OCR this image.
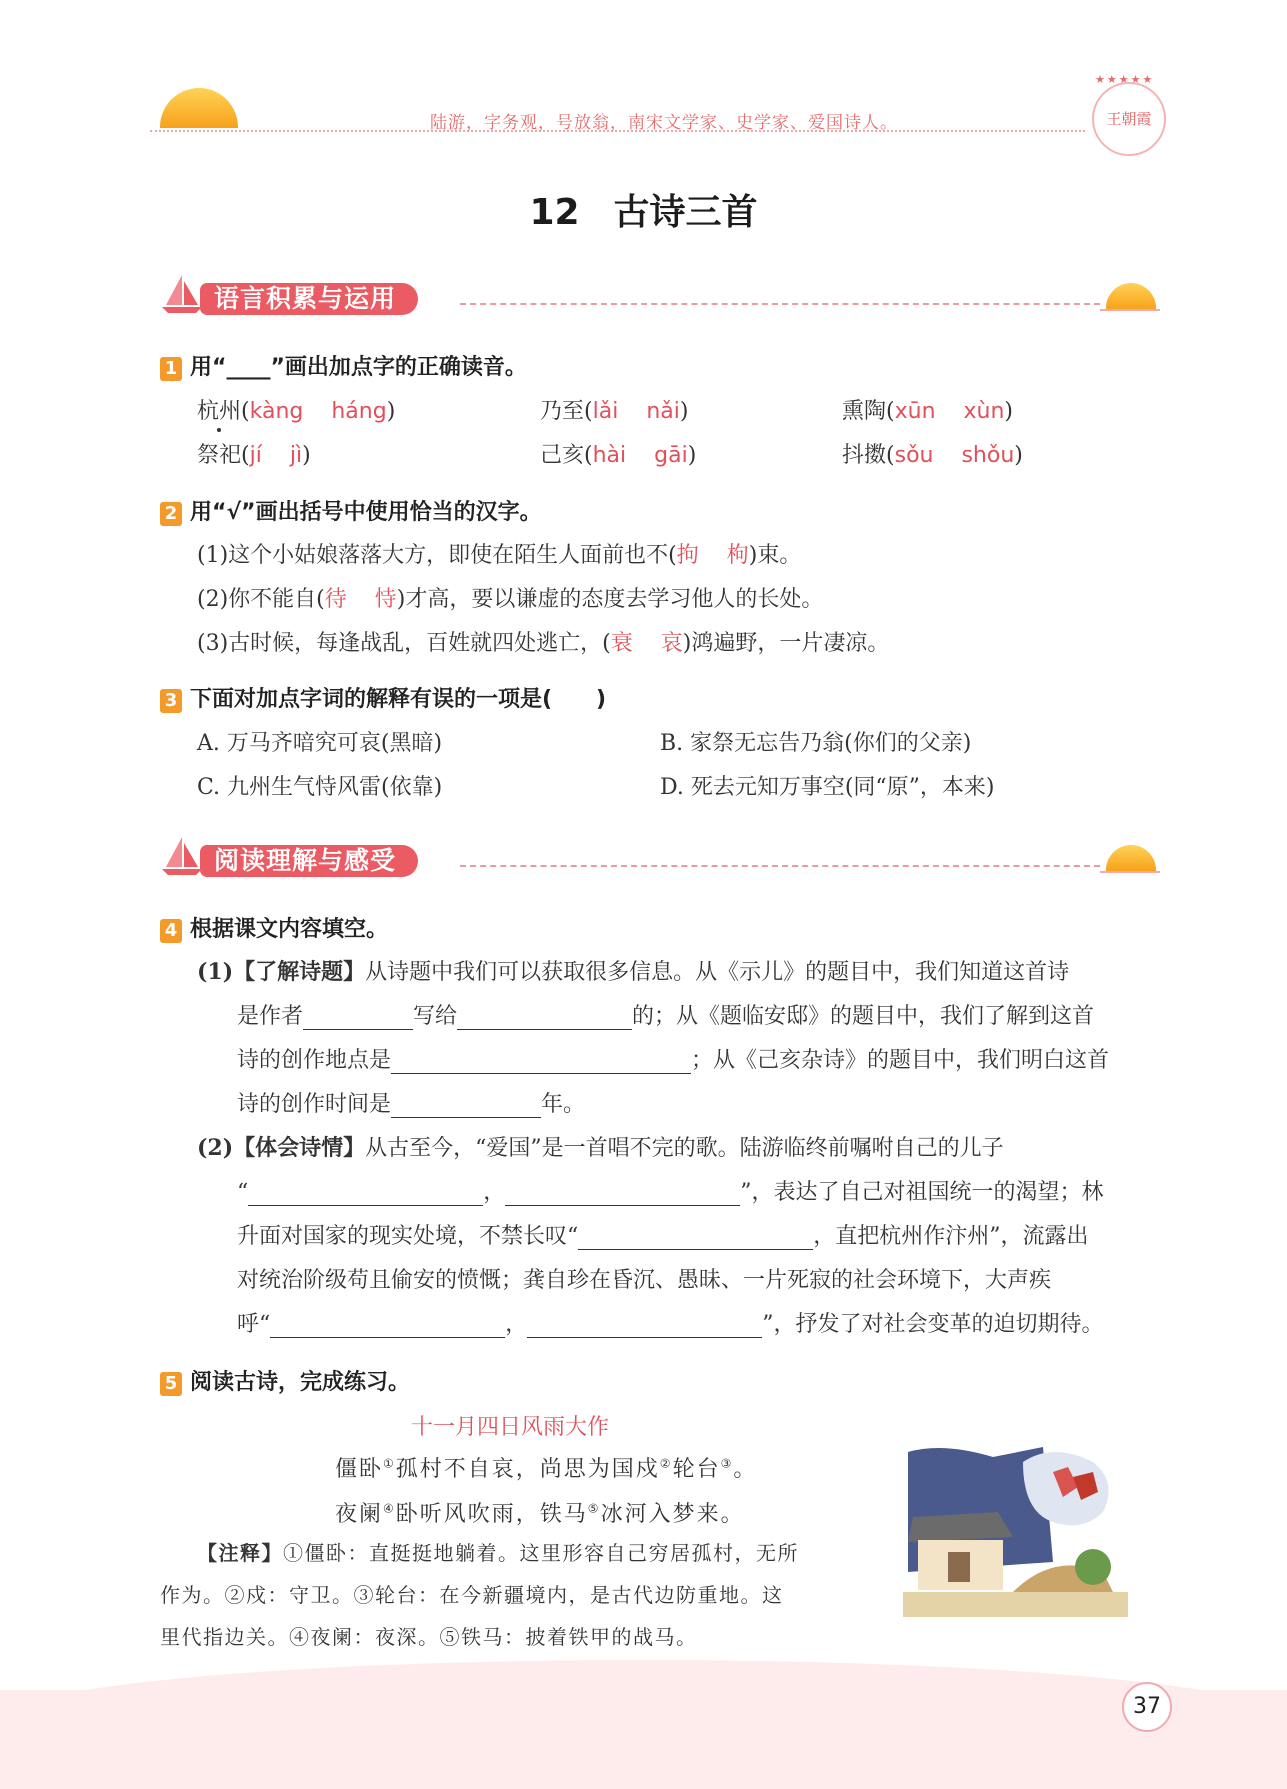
陆游，字务观，号放翁，南宋文学家、史学家、爱国诗人。
★★★★★
王朝霞
12 古诗三首
语言积累与运用
1 用“____”画出加点字的正确读音。
杭州(kàng háng)	乃至(lǎi nǎi)	熏陶(xūn xùn)
祭祀(jí jì)	己亥(hài gāi)	抖擞(sǒu shǒu)
2 用“√”画出括号中使用恰当的汉字。
(1)这个小姑娘落落大方，即使在陌生人面前也不(拘 枸)束。
(2)你不能自(待 恃)才高，要以谦虚的态度去学习他人的长处。
(3)古时候，每逢战乱，百姓就四处逃亡，(衰 哀)鸿遍野，一片凄凉。
3 下面对加点字词的解释有误的一项是(　　)
A. 万马齐喑究可哀(黑暗)	B. 家祭无忘告乃翁(你们的父亲)
C. 九州生气恃风雷(依靠)	D. 死去元知万事空(同“原”，本来)
阅读理解与感受
4 根据课文内容填空。
(1)【了解诗题】从诗题中我们可以获取很多信息。从《示儿》的题目中，我们知道这首诗
是作者	写给	的；从《题临安邸》的题目中，我们了解到这首
诗的创作地点是	；从《己亥杂诗》的题目中，我们明白这首
诗的创作时间是	年。
(2)【体会诗情】从古至今，“爱国”是一首唱不完的歌。陆游临终前嘱咐自己的儿子
“	，	”，表达了自己对祖国统一的渴望；林
升面对国家的现实处境，不禁长叹“	，直把杭州作汴州”，流露出
对统治阶级苟且偷安的愤慨；龚自珍在昏沉、愚昧、一片死寂的社会环境下，大声疾
呼“	，	”，抒发了对社会变革的迫切期待。
5 阅读古诗，完成练习。
十一月四日风雨大作
僵卧①孤村不自哀，尚思为国戍②轮台③。
夜阑④卧听风吹雨，铁马⑤冰河入梦来。
【注释】①僵卧：直挺挺地躺着。这里形容自己穷居孤村，无所
作为。②戍：守卫。③轮台：在今新疆境内，是古代边防重地。这
里代指边关。④夜阑：夜深。⑤铁马：披着铁甲的战马。
37
